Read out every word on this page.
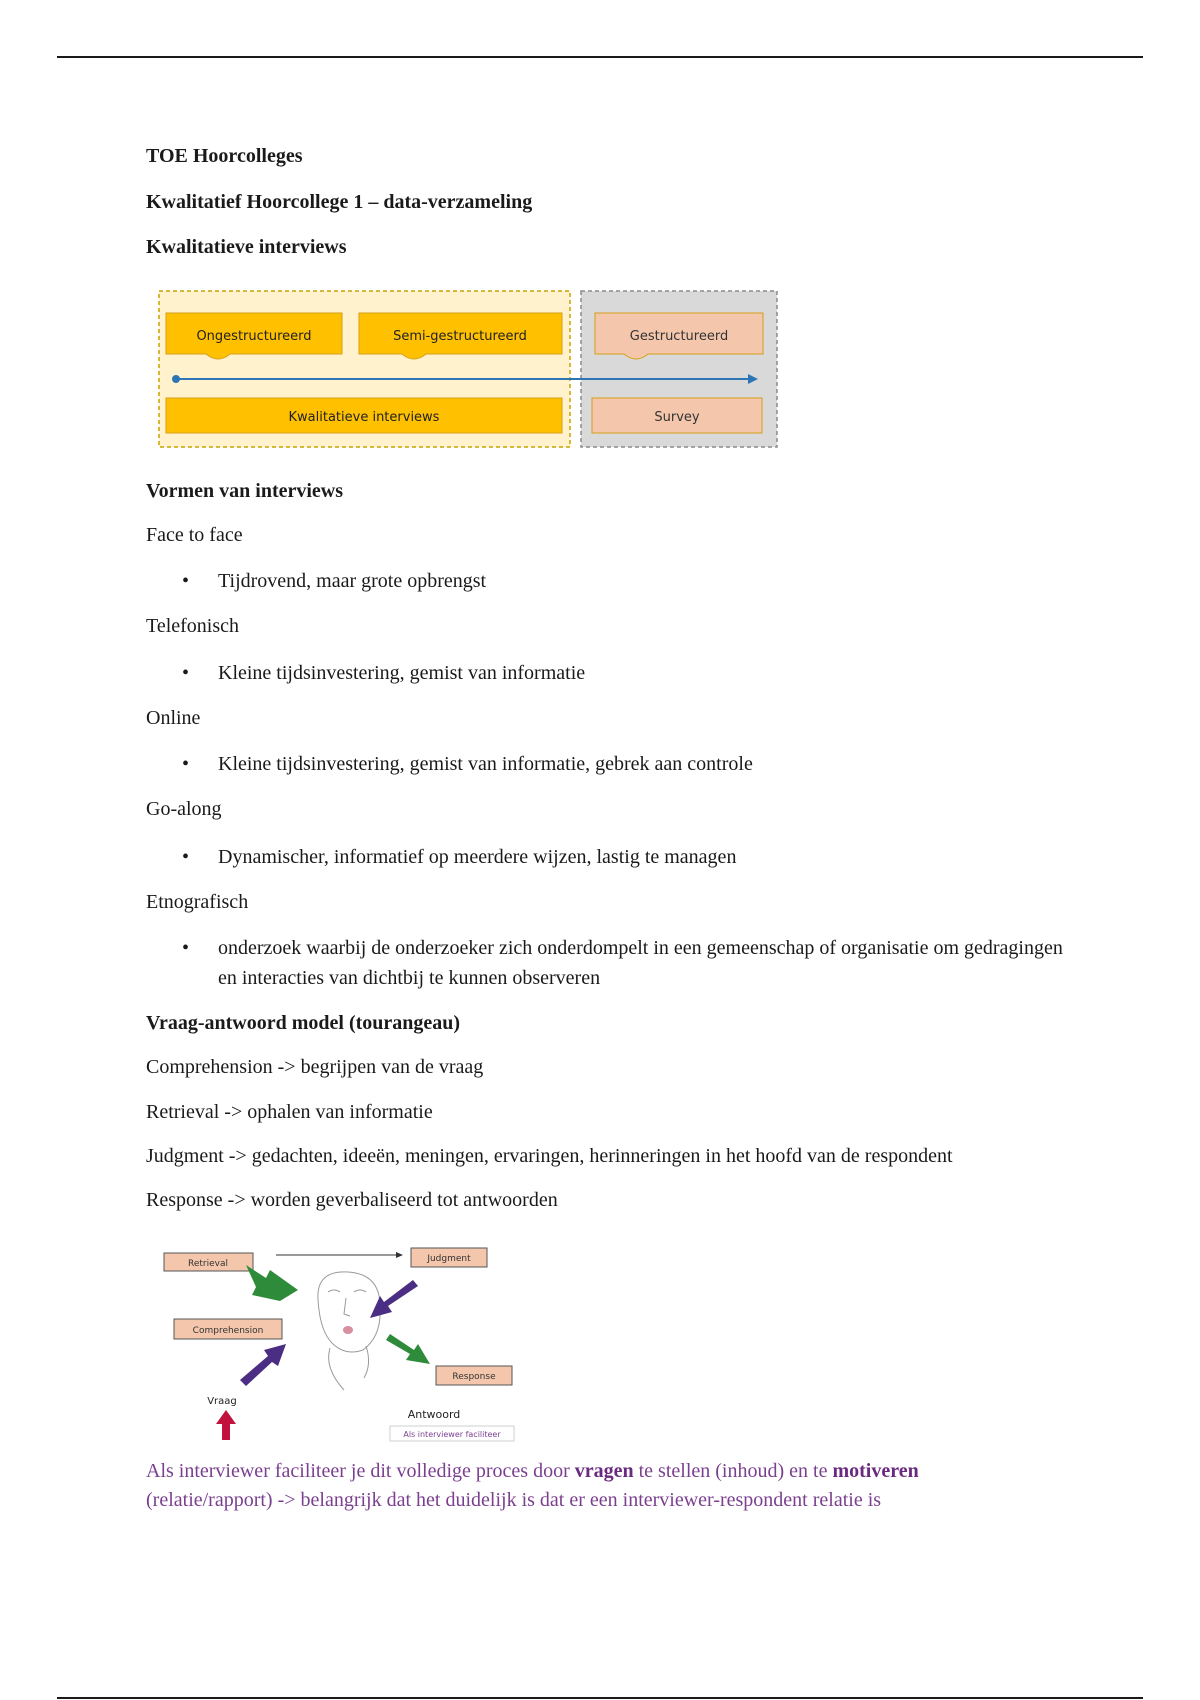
TOE Hoorcolleges
Kwalitatief Hoorcollege 1 – data-verzameling
Kwalitatieve interviews
Ongestructureerd	Semi-gestructureerd	Gestructureerd
Kwalitatieve interviews	Survey
Vormen van interviews
Face to face
• Tijdrovend, maar grote opbrengst
Telefonisch
• Kleine tijdsinvestering, gemist van informatie
Online
• Kleine tijdsinvestering, gemist van informatie, gebrek aan controle
Go-along
• Dynamischer, informatief op meerdere wijzen, lastig te managen
Etnografisch
• onderzoek waarbij de onderzoeker zich onderdompelt in een gemeenschap of organisatie om gedragingen en interacties van dichtbij te kunnen observeren
Vraag-antwoord model (tourangeau)
Comprehension -> begrijpen van de vraag
Retrieval -> ophalen van informatie
Judgment -> gedachten, ideeën, meningen, ervaringen, herinneringen in het hoofd van de respondent
Response -> worden geverbaliseerd tot antwoorden
Retrieval	Judgment
Comprehension
Response
Vraag
Antwoord
Als interviewer faciliteer
Als interviewer faciliteer je dit volledige proces door vragen te stellen (inhoud) en te motiveren (relatie/rapport) -> belangrijk dat het duidelijk is dat er een interviewer-respondent relatie is
